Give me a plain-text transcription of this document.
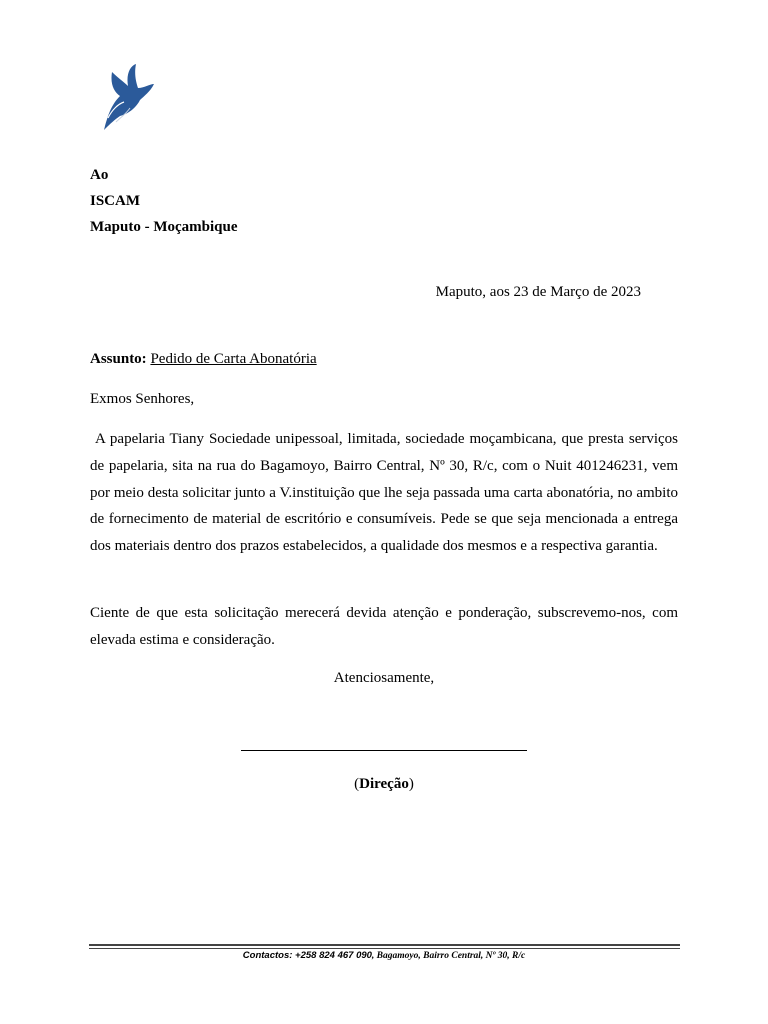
Ao
ISCAM
Maputo - Moçambique
Maputo, aos 23 de Março de 2023
Assunto: Pedido de Carta Abonatória
Exmos Senhores,
A papelaria Tiany Sociedade unipessoal, limitada, sociedade moçambicana, que presta serviços de papelaria, sita na rua do Bagamoyo, Bairro Central, Nº 30, R/c, com o Nuit 401246231, vem por meio desta solicitar junto a V.instituição que lhe seja passada uma carta abonatória, no ambito de fornecimento de material de escritório e consumíveis. Pede se que seja mencionada a entrega dos materiais dentro dos prazos estabelecidos, a qualidade dos mesmos e a respectiva garantia.
Ciente de que esta solicitação merecerá devida atenção e ponderação, subscrevemo-nos, com elevada estima e consideração.
Atenciosamente,
(Direção)
Contactos: +258 824 467 090, Bagamoyo, Bairro Central, Nº 30, R/c
